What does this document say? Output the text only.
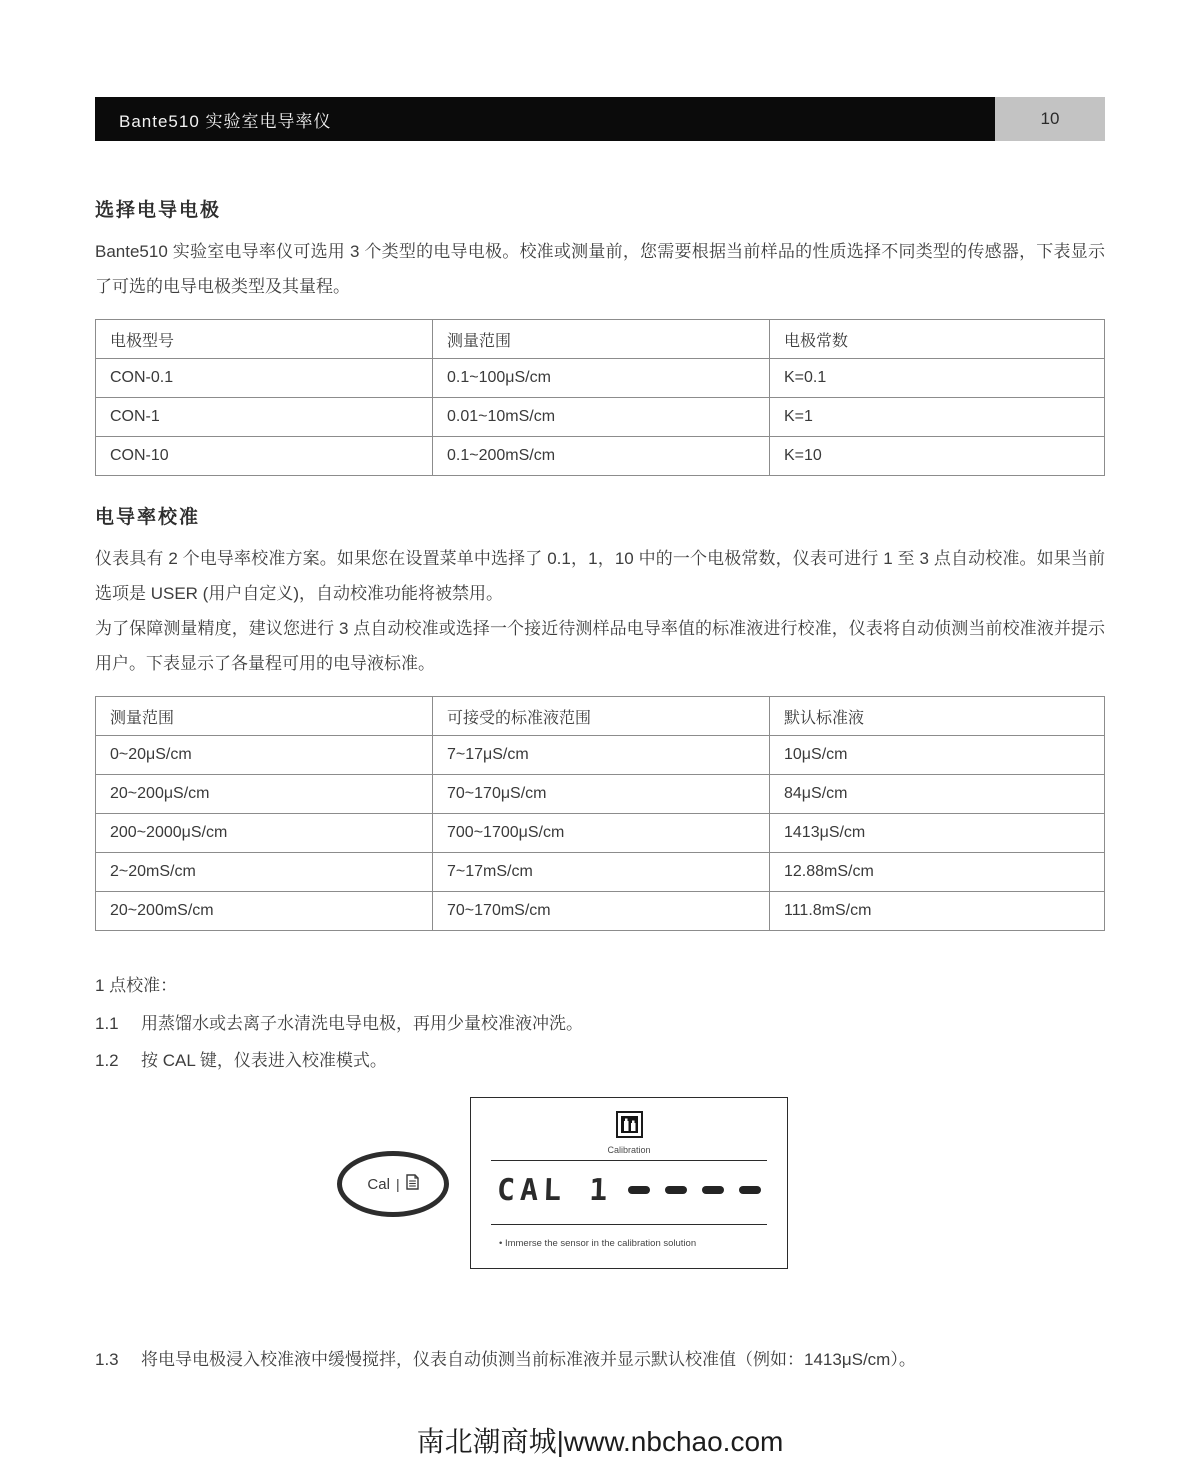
Bante510 实验室电导率仪	10
选择电导电极

Bante510 实验室电导率仪可选用 3 个类型的电导电极。校准或测量前，您需要根据当前样品的性质选择不同类型的传感器，下表显示了可选的电导电极类型及其量程。

电极型号	测量范围	电极常数
CON-0.1	0.1~100μS/cm	K=0.1
CON-1	0.01~10mS/cm	K=1
CON-10	0.1~200mS/cm	K=10
电导率校准

仪表具有 2 个电导率校准方案。如果您在设置菜单中选择了 0.1，1，10 中的一个电极常数，仪表可进行 1 至 3 点自动校准。如果当前选项是 USER (用户自定义)，自动校准功能将被禁用。

为了保障测量精度，建议您进行 3 点自动校准或选择一个接近待测样品电导率值的标准液进行校准，仪表将自动侦测当前校准液并提示用户。下表显示了各量程可用的电导液标准。

测量范围	可接受的标准液范围	默认标准液
0~20μS/cm	7~17μS/cm	10μS/cm
20~200μS/cm	70~170μS/cm	84μS/cm
200~2000μS/cm	700~1700μS/cm	1413μS/cm
2~20mS/cm	7~17mS/cm	12.88mS/cm
20~200mS/cm	70~170mS/cm	111.8mS/cm
1 点校准：
1.1	用蒸馏水或去离子水清洗电导电极，再用少量校准液冲洗。
1.2	按 CAL 键，仪表进入校准模式。
Cal |
Calibration
CAL 1
• Immerse the sensor in the calibration solution
1.3	将电导电极浸入校准液中缓慢搅拌，仪表自动侦测当前标准液并显示默认校准值（例如：1413μS/cm）。
南北潮商城|www.nbchao.com
